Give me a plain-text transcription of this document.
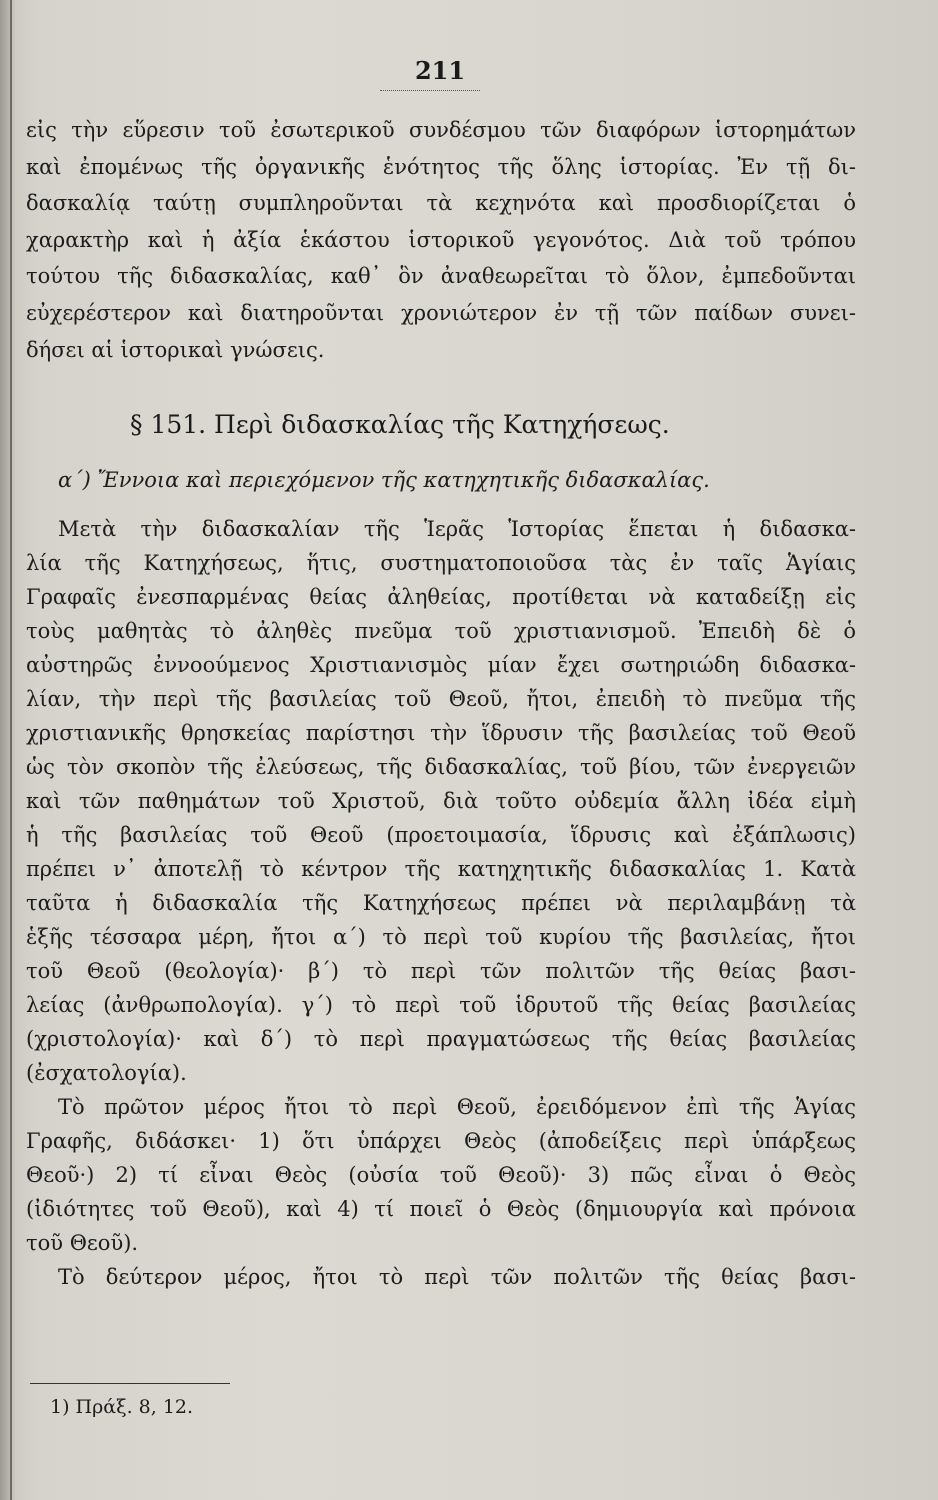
211
εἰς τὴν εὕρεσιν τοῦ ἐσωτερικοῦ συνδέσμου τῶν διαφόρων ἱστορημάτων
καὶ ἐπομένως τῆς ὀργανικῆς ἑνότητος τῆς ὅλης ἱστορίας. Ἐν τῇ δι-
δασκαλίᾳ ταύτῃ συμπληροῦνται τὰ κεχηνότα καὶ προσδιορίζεται ὁ
χαρακτὴρ καὶ ἡ ἀξία ἑκάστου ἱστορικοῦ γεγονότος. Διὰ τοῦ τρόπου
τούτου τῆς διδασκαλίας, καθ᾽ ὃν ἀναθεωρεῖται τὸ ὅλον, ἐμπεδοῦνται
εὐχερέστερον καὶ διατηροῦνται χρονιώτερον ἐν τῇ τῶν παίδων συνει-
δήσει αἱ ἱστορικαὶ γνώσεις.
§ 151. Περὶ διδασκαλίας τῆς Κατηχήσεως.
α΄) Ἔννοια καὶ περιεχόμενον τῆς κατηχητικῆς διδασκαλίας.
Μετὰ τὴν διδασκαλίαν τῆς Ἱερᾶς Ἱστορίας ἕπεται ἡ διδασκα-
λία τῆς Κατηχήσεως, ἥτις, συστηματοποιοῦσα τὰς ἐν ταῖς Ἁγίαις
Γραφαῖς ἐνεσπαρμένας θείας ἀληθείας, προτίθεται νὰ καταδείξῃ εἰς
τοὺς μαθητὰς τὸ ἀληθὲς πνεῦμα τοῦ χριστιανισμοῦ. Ἐπειδὴ δὲ ὁ
αὐστηρῶς ἐννοούμενος Χριστιανισμὸς μίαν ἔχει σωτηριώδη διδασκα-
λίαν, τὴν περὶ τῆς βασιλείας τοῦ Θεοῦ, ἤτοι, ἐπειδὴ τὸ πνεῦμα τῆς
χριστιανικῆς θρησκείας παρίστησι τὴν ἵδρυσιν τῆς βασιλείας τοῦ Θεοῦ
ὡς τὸν σκοπὸν τῆς ἐλεύσεως, τῆς διδασκαλίας, τοῦ βίου, τῶν ἐνεργειῶν
καὶ τῶν παθημάτων τοῦ Χριστοῦ, διὰ τοῦτο οὐδεμία ἄλλη ἰδέα εἰμὴ
ἡ τῆς βασιλείας τοῦ Θεοῦ (προετοιμασία, ἵδρυσις καὶ ἐξάπλωσις)
πρέπει ν᾽ ἀποτελῇ τὸ κέντρον τῆς κατηχητικῆς διδασκαλίας 1. Κατὰ
ταῦτα ἡ διδασκαλία τῆς Κατηχήσεως πρέπει νὰ περιλαμβάνῃ τὰ
ἑξῆς τέσσαρα μέρη, ἤτοι α΄) τὸ περὶ τοῦ κυρίου τῆς βασιλείας, ἤτοι
τοῦ Θεοῦ (θεολογία)· β΄) τὸ περὶ τῶν πολιτῶν τῆς θείας βασι-
λείας (ἀνθρωπολογία). γ΄) τὸ περὶ τοῦ ἱδρυτοῦ τῆς θείας βασιλείας
(χριστολογία)· καὶ δ΄) τὸ περὶ πραγματώσεως τῆς θείας βασιλείας
(ἐσχατολογία).
Τὸ πρῶτον μέρος ἤτοι τὸ περὶ Θεοῦ, ἐρειδόμενον ἐπὶ τῆς Ἁγίας
Γραφῆς, διδάσκει· 1) ὅτι ὑπάρχει Θεὸς (ἀποδείξεις περὶ ὑπάρξεως
Θεοῦ·) 2) τί εἶναι Θεὸς (οὐσία τοῦ Θεοῦ)· 3) πῶς εἶναι ὁ Θεὸς
(ἰδιότητες τοῦ Θεοῦ), καὶ 4) τί ποιεῖ ὁ Θεὸς (δημιουργία καὶ πρόνοια
τοῦ Θεοῦ).
Τὸ δεύτερον μέρος, ἤτοι τὸ περὶ τῶν πολιτῶν τῆς θείας βασι-
1) Πράξ. 8, 12.
